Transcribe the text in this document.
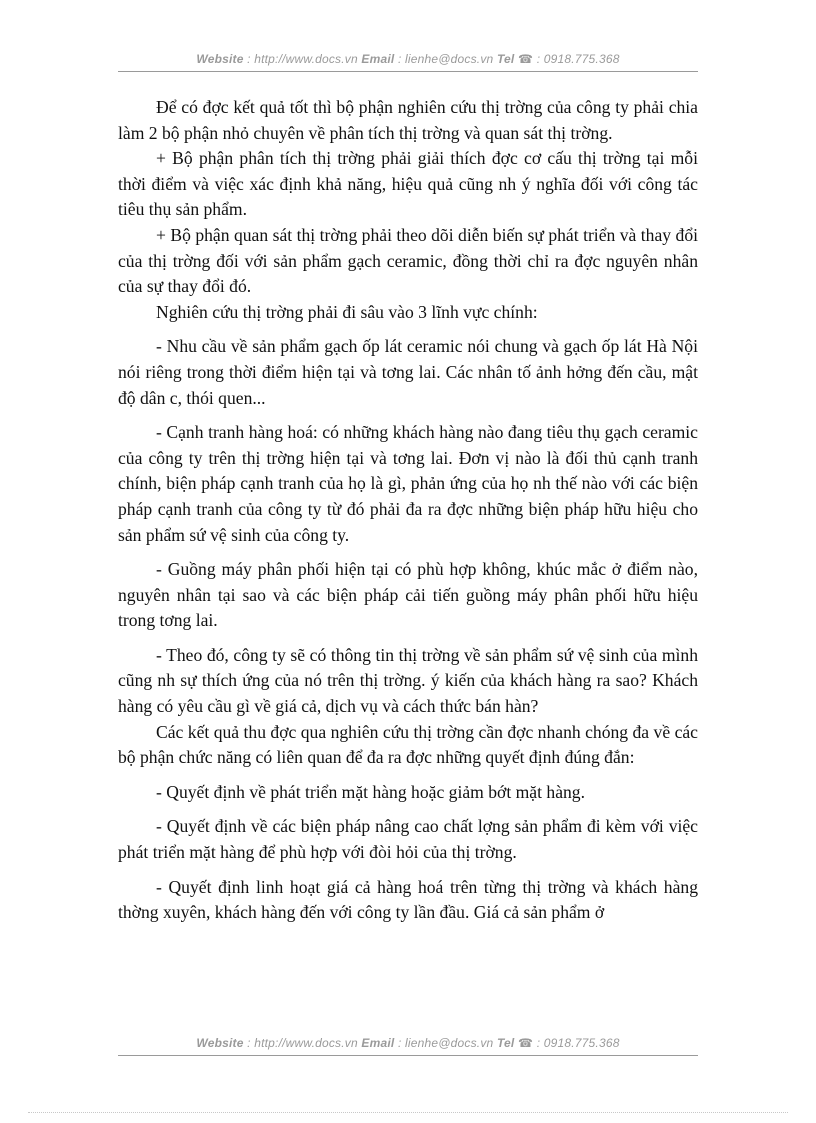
Website : http://www.docs.vn Email : lienhe@docs.vn Tel ☎ : 0918.775.368

Để có đợc kết quả tốt thì bộ phận nghiên cứu thị trờng của công ty phải chia làm 2 bộ phận nhỏ chuyên về phân tích thị trờng và quan sát thị trờng.

+ Bộ phận phân tích thị trờng phải giải thích đợc cơ cấu thị trờng tại mỗi thời điểm và việc xác định khả năng, hiệu quả cũng nh ý nghĩa đối với công tác tiêu thụ sản phẩm.

+ Bộ phận quan sát thị trờng phải theo dõi diễn biến sự phát triển và thay đổi của thị trờng đối với sản phẩm gạch ceramic, đồng thời chỉ ra đợc nguyên nhân của sự thay đổi đó.

Nghiên cứu thị trờng phải đi sâu vào 3 lĩnh vực chính:

- Nhu cầu về sản phẩm gạch ốp lát ceramic nói chung và gạch ốp lát Hà Nội nói riêng trong thời điểm hiện tại và tơng lai. Các nhân tố ảnh hởng đến cầu, mật độ dân c, thói quen...

- Cạnh tranh hàng hoá: có những khách hàng nào đang tiêu thụ gạch ceramic của công ty trên thị trờng hiện tại và tơng lai. Đơn vị nào là đối thủ cạnh tranh chính, biện pháp cạnh tranh của họ là gì, phản ứng của họ nh thế nào với các biện pháp cạnh tranh của công ty từ đó phải đa ra đợc những biện pháp hữu hiệu cho sản phẩm sứ vệ sinh của công ty.

- Guồng máy phân phối hiện tại có phù hợp không, khúc mắc ở điểm nào, nguyên nhân tại sao và các biện pháp cải tiến guồng máy phân phối hữu hiệu trong tơng lai.

- Theo đó, công ty sẽ có thông tin thị trờng về sản phẩm sứ vệ sinh của mình cũng nh sự thích ứng của nó trên thị trờng. ý kiến của khách hàng ra sao? Khách hàng có yêu cầu gì về giá cả, dịch vụ và cách thức bán hàn?

Các kết quả thu đợc qua nghiên cứu thị trờng cần đợc nhanh chóng đa về các bộ phận chức năng có liên quan để đa ra đợc những quyết định đúng đắn:

- Quyết định về phát triển mặt hàng hoặc giảm bớt mặt hàng.

- Quyết định về các biện pháp nâng cao chất lợng sản phẩm đi kèm với việc phát triển mặt hàng để phù hợp với đòi hỏi của thị trờng.

- Quyết định linh hoạt giá cả hàng hoá trên từng thị trờng và khách hàng thờng xuyên, khách hàng đến với công ty lần đầu. Giá cả sản phẩm ở

Website : http://www.docs.vn Email : lienhe@docs.vn Tel ☎ : 0918.775.368
